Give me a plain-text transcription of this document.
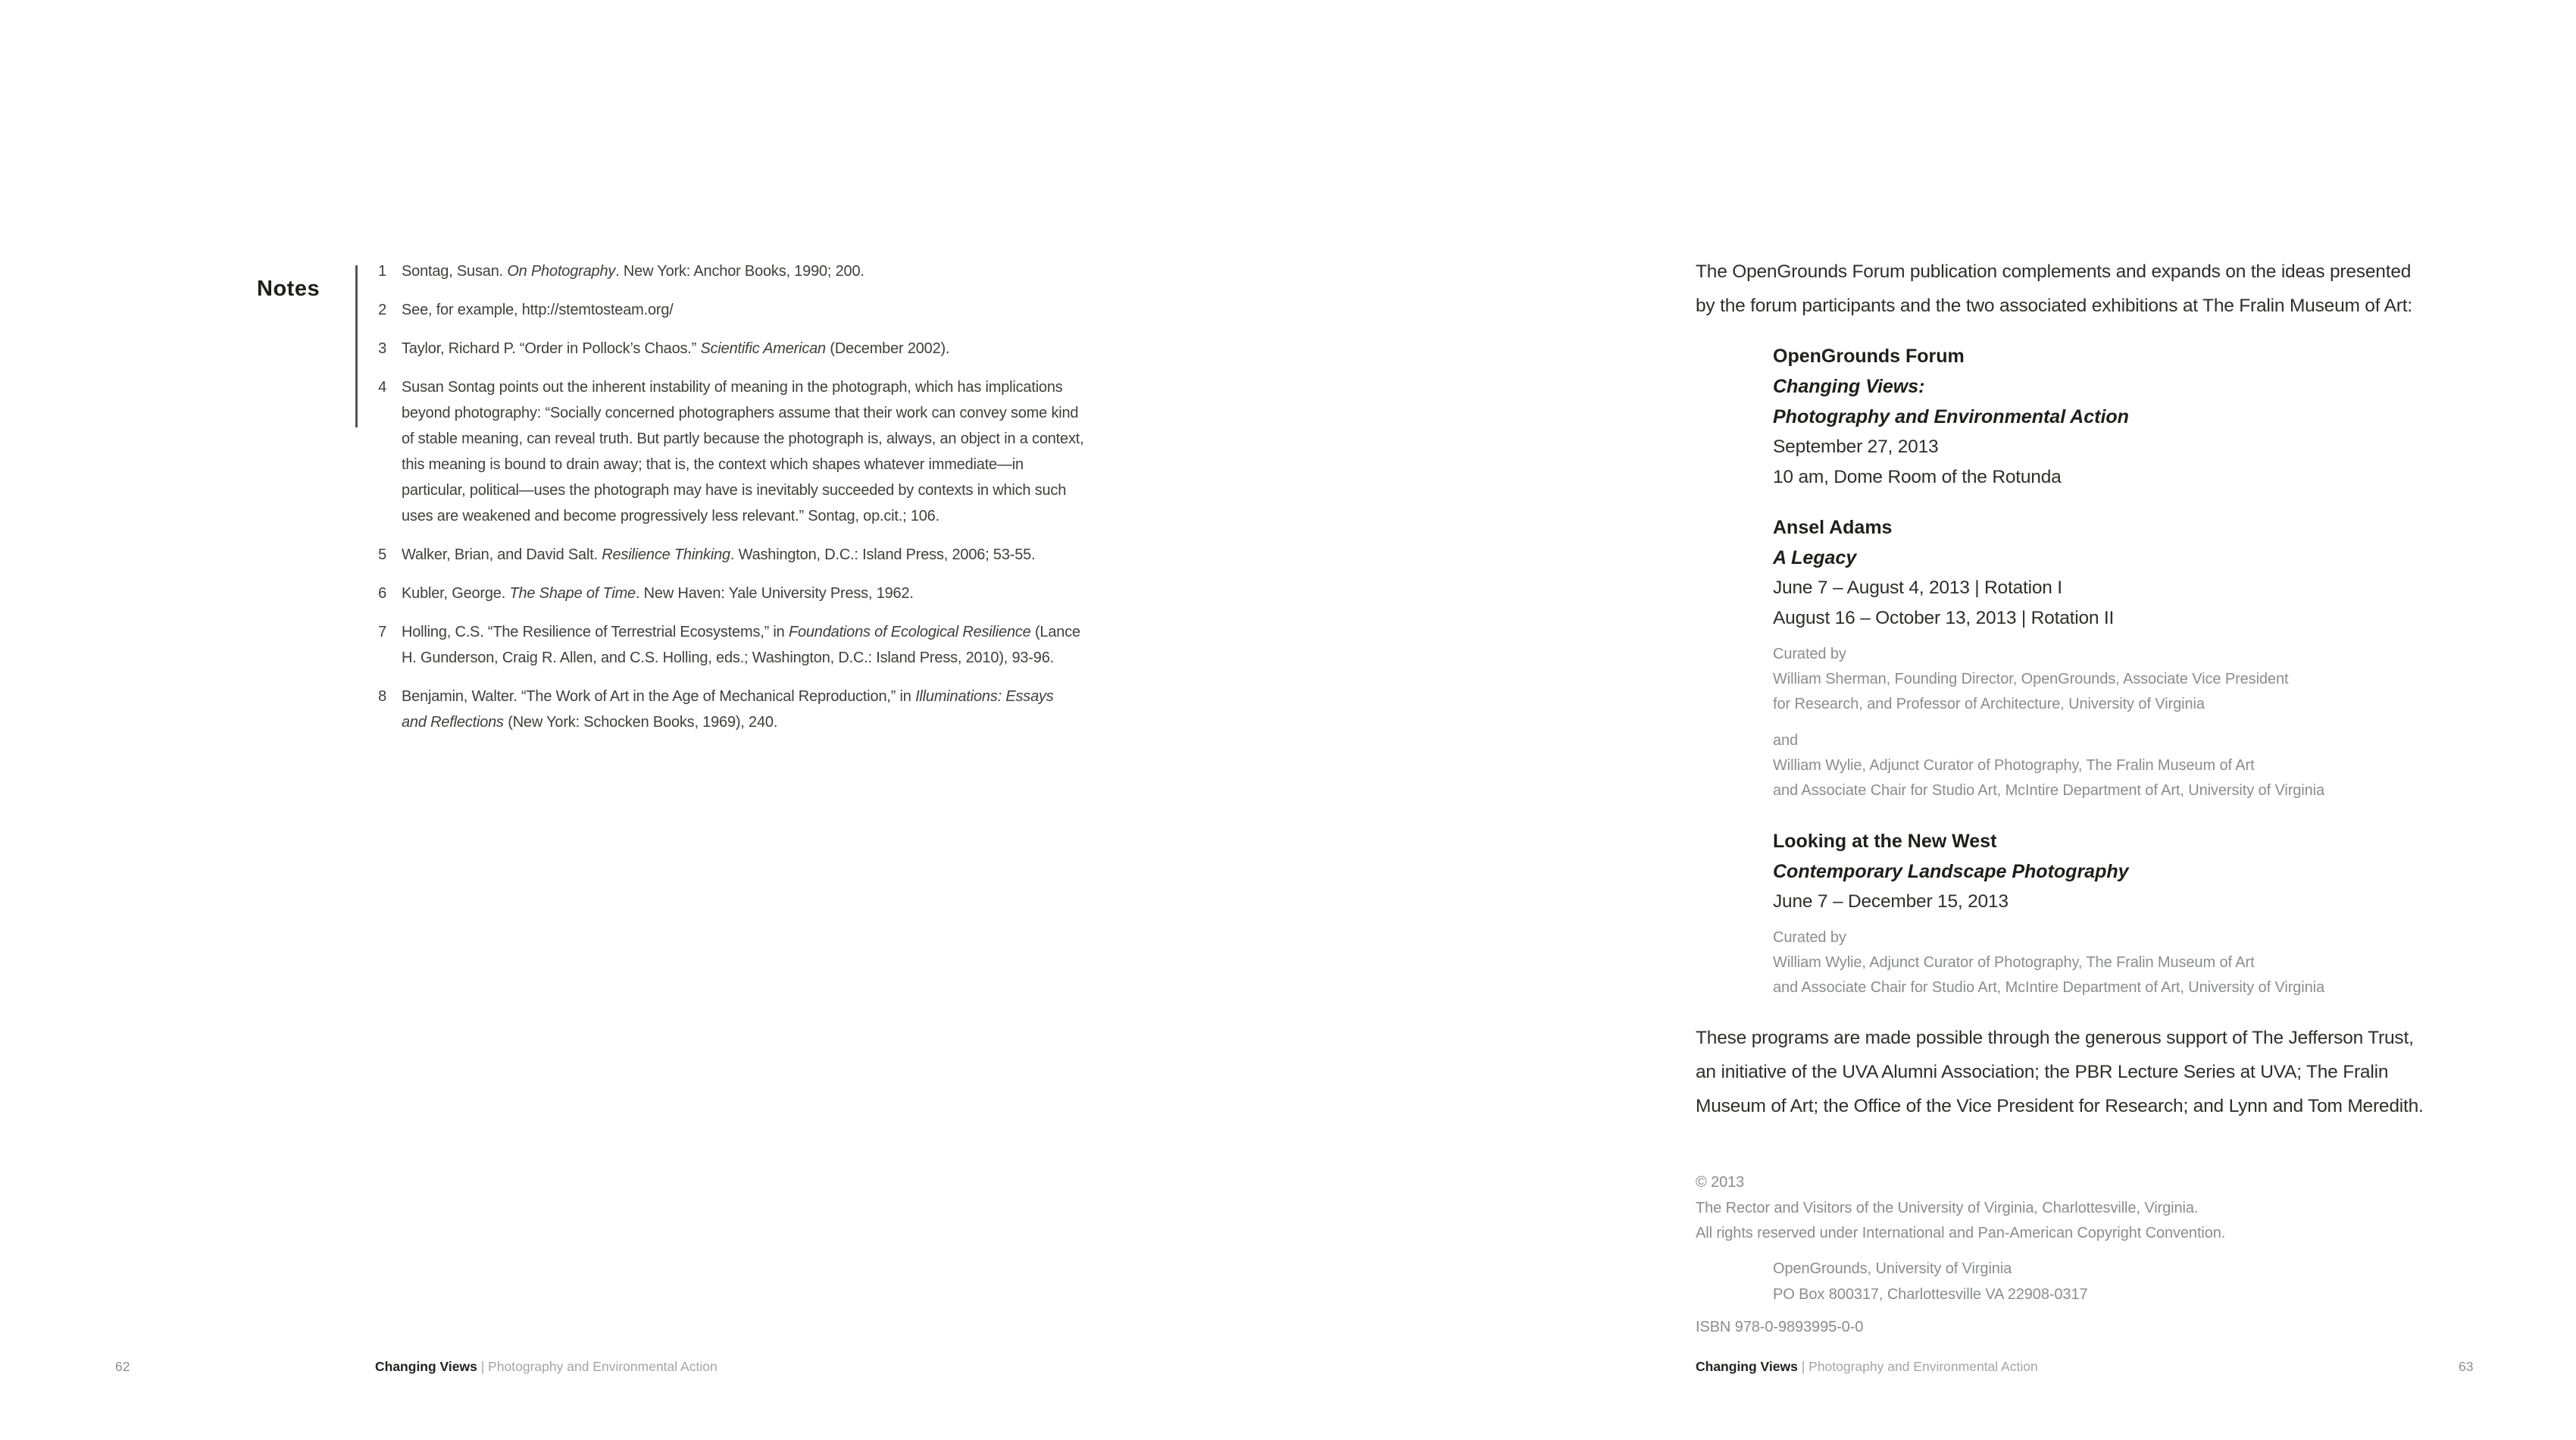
Notes
1	Sontag, Susan. On Photography. New York: Anchor Books, 1990; 200.
2	See, for example, http://stemtosteam.org/
3	Taylor, Richard P. “Order in Pollock’s Chaos.” Scientific American (December 2002).
4	Susan Sontag points out the inherent instability of meaning in the photograph, which has implications
beyond photography: “Socially concerned photographers assume that their work can convey some kind
of stable meaning, can reveal truth. But partly because the photograph is, always, an object in a context,
this meaning is bound to drain away; that is, the context which shapes whatever immediate—in
particular, political—uses the photograph may have is inevitably succeeded by contexts in which such
uses are weakened and become progressively less relevant.” Sontag, op.cit.; 106.
5	Walker, Brian, and David Salt. Resilience Thinking. Washington, D.C.: Island Press, 2006; 53-55.
6	Kubler, George. The Shape of Time. New Haven: Yale University Press, 1962.
7	Holling, C.S. “The Resilience of Terrestrial Ecosystems,” in Foundations of Ecological Resilience (Lance
H. Gunderson, Craig R. Allen, and C.S. Holling, eds.; Washington, D.C.: Island Press, 2010), 93-96.
8	Benjamin, Walter. “The Work of Art in the Age of Mechanical Reproduction,” in Illuminations: Essays
and Reflections (New York: Schocken Books, 1969), 240.
62	Changing Views | Photography and Environmental Action
The OpenGrounds Forum publication complements and expands on the ideas presented
by the forum participants and the two associated exhibitions at The Fralin Museum of Art:
OpenGrounds Forum
Changing Views:
Photography and Environmental Action
September 27, 2013
10 am, Dome Room of the Rotunda
Ansel Adams
A Legacy
June 7 – August 4, 2013 | Rotation I
August 16 – October 13, 2013 | Rotation II
Curated by
William Sherman, Founding Director, OpenGrounds, Associate Vice President
for Research, and Professor of Architecture, University of Virginia
and
William Wylie, Adjunct Curator of Photography, The Fralin Museum of Art
and Associate Chair for Studio Art, McIntire Department of Art, University of Virginia
Looking at the New West
Contemporary Landscape Photography
June 7 – December 15, 2013
Curated by
William Wylie, Adjunct Curator of Photography, The Fralin Museum of Art
and Associate Chair for Studio Art, McIntire Department of Art, University of Virginia
These programs are made possible through the generous support of The Jefferson Trust,
an initiative of the UVA Alumni Association; the PBR Lecture Series at UVA; The Fralin
Museum of Art; the Office of the Vice President for Research; and Lynn and Tom Meredith.
© 2013
The Rector and Visitors of the University of Virginia, Charlottesville, Virginia.
All rights reserved under International and Pan-American Copyright Convention.
OpenGrounds, University of Virginia
PO Box 800317, Charlottesville VA 22908-0317
ISBN 978-0-9893995-0-0
Changing Views | Photography and Environmental Action	63
